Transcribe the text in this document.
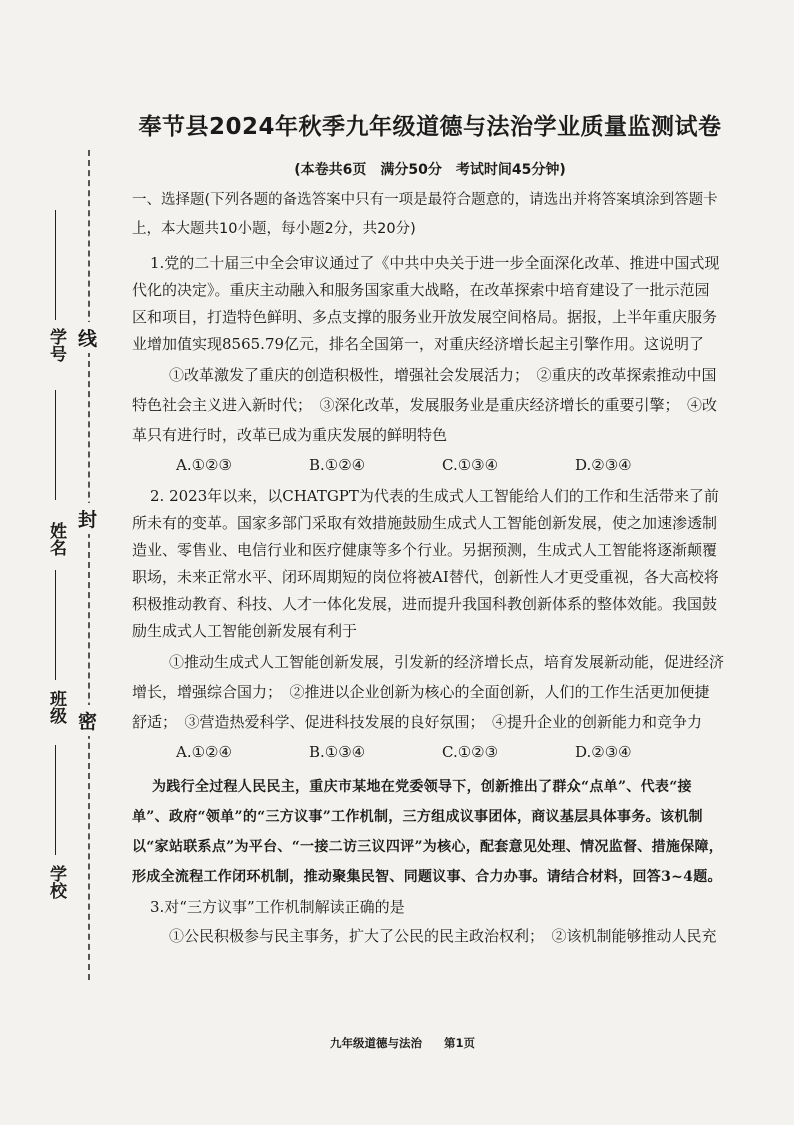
线
封
密
学号
姓名
班级
学校
奉节县2024年秋季九年级道德与法治学业质量监测试卷
(本卷共6页　满分50分　考试时间45分钟)

一、选择题(下列各题的备选答案中只有一项是最符合题意的，请选出并将答案填涂到答题卡上，本大题共10小题，每小题2分，共20分)

1.党的二十届三中全会审议通过了《中共中央关于进一步全面深化改革、推进中国式现代化的决定》。重庆主动融入和服务国家重大战略，在改革探索中培育建设了一批示范园区和项目，打造特色鲜明、多点支撑的服务业开放发展空间格局。据报，上半年重庆服务业增加值实现8565.79亿元，排名全国第一，对重庆经济增长起主引擎作用。这说明了

①改革激发了重庆的创造积极性，增强社会发展活力；　②重庆的改革探索推动中国特色社会主义进入新时代；　③深化改革，发展服务业是重庆经济增长的重要引擎；　④改革只有进行时，改革已成为重庆发展的鲜明特色

A.①②③	B.①②④	C.①③④	D.②③④

2. 2023年以来，以CHATGPT为代表的生成式人工智能给人们的工作和生活带来了前所未有的变革。国家多部门采取有效措施鼓励生成式人工智能创新发展，使之加速渗透制造业、零售业、电信行业和医疗健康等多个行业。另据预测，生成式人工智能将逐渐颠覆职场，未来正常水平、闭环周期短的岗位将被AI替代，创新性人才更受重视，各大高校将积极推动教育、科技、人才一体化发展，进而提升我国科教创新体系的整体效能。我国鼓励生成式人工智能创新发展有利于

①推动生成式人工智能创新发展，引发新的经济增长点，培育发展新动能，促进经济增长，增强综合国力；　②推进以企业创新为核心的全面创新，人们的工作生活更加便捷舒适；　③营造热爱科学、促进科技发展的良好氛围；　④提升企业的创新能力和竞争力

A.①②④	B.①③④	C.①②③	D.②③④

为践行全过程人民民主，重庆市某地在党委领导下，创新推出了群众“点单”、代表“接单”、政府“领单”的“三方议事”工作机制，三方组成议事团体，商议基层具体事务。该机制以“家站联系点”为平台、“一接二访三议四评”为核心，配套意见处理、情况监督、措施保障，形成全流程工作闭环机制，推动聚集民智、同题议事、合力办事。请结合材料，回答3~4题。

3.对“三方议事”工作机制解读正确的是

①公民积极参与民主事务，扩大了公民的民主政治权利；　②该机制能够推动人民充

九年级道德与法治 第1页
